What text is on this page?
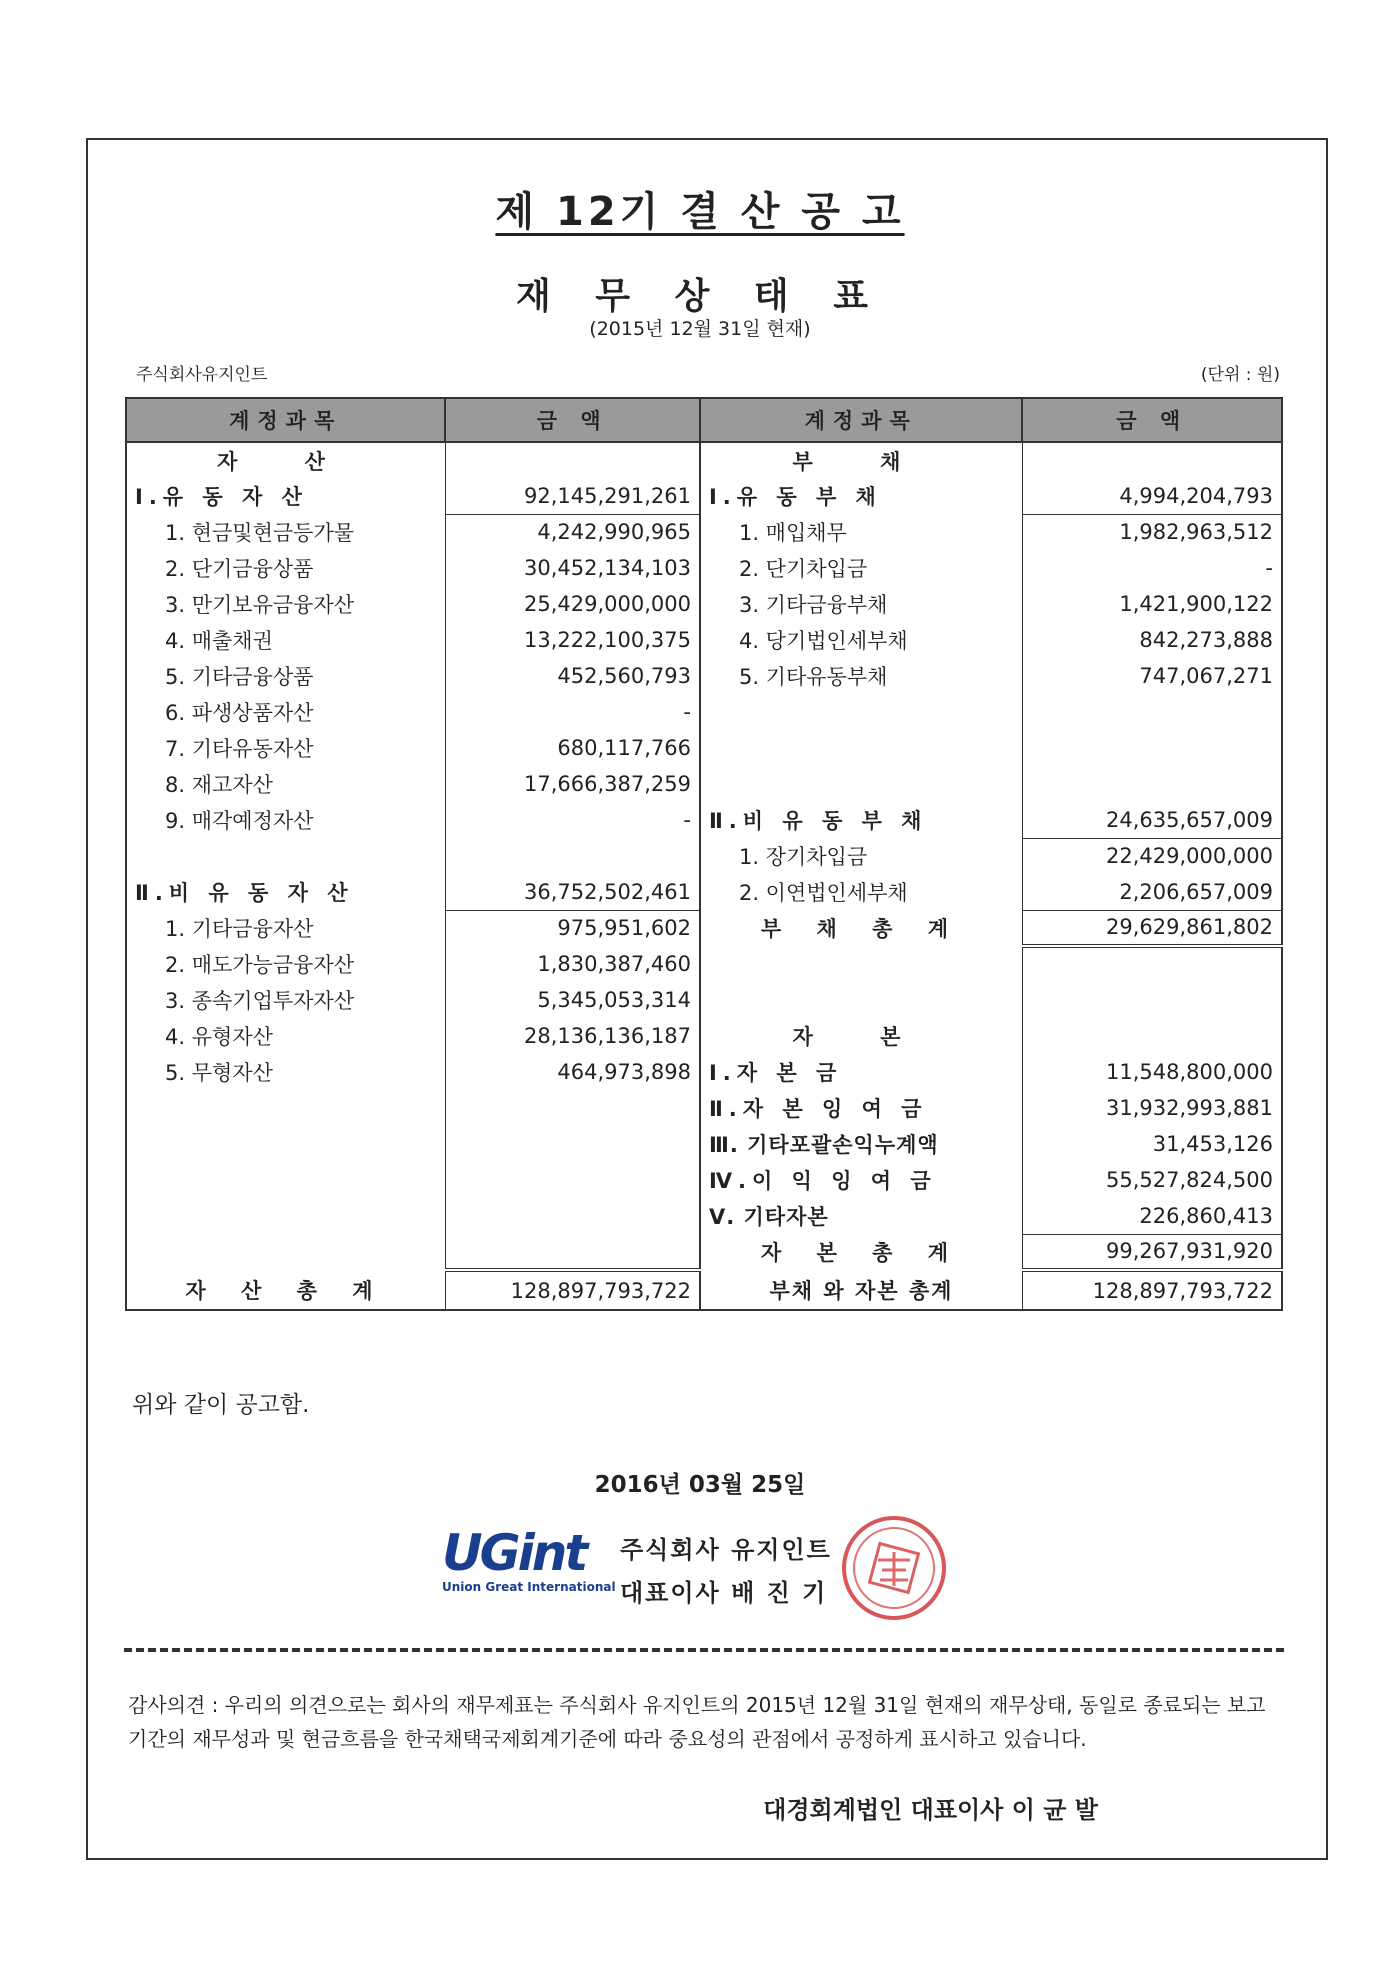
제 12기 결 산 공 고
재 무 상 태 표
(2015년 12월 31일 현재)
주식회사유지인트	(단위 : 원)
계정과목	금 액	계정과목	금 액
자 산		부 채	
Ⅰ.유 동 자 산	92,145,291,261	Ⅰ.유 동 부 채	4,994,204,793
1. 현금및현금등가물	4,242,990,965	1. 매입채무	1,982,963,512
2. 단기금융상품	30,452,134,103	2. 단기차입금	-
3. 만기보유금융자산	25,429,000,000	3. 기타금융부채	1,421,900,122
4. 매출채권	13,222,100,375	4. 당기법인세부채	842,273,888
5. 기타금융상품	452,560,793	5. 기타유동부채	747,067,271
6. 파생상품자산	-		
7. 기타유동자산	680,117,766		
8. 재고자산	17,666,387,259		
9. 매각예정자산	-	Ⅱ.비 유 동 부 채	24,635,657,009
		1. 장기차입금	22,429,000,000
Ⅱ.비 유 동 자 산	36,752,502,461	2. 이연법인세부채	2,206,657,009
1. 기타금융자산	975,951,602	부 채 총 계	29,629,861,802
2. 매도가능금융자산	1,830,387,460		
3. 종속기업투자자산	5,345,053,314		
4. 유형자산	28,136,136,187	자 본	
5. 무형자산	464,973,898	Ⅰ.자 본 금	11,548,800,000
		Ⅱ.자 본 잉 여 금	31,932,993,881
		Ⅲ. 기타포괄손익누계액	31,453,126
		Ⅳ.이 익 잉 여 금	55,527,824,500
		Ⅴ. 기타자본	226,860,413
		자 본 총 계	99,267,931,920
자 산 총 계	128,897,793,722	부채 와 자본 총계	128,897,793,722
위와 같이 공고함.
2016년 03월 25일
UGint
Union Great International
주식회사 유지인트
대표이사 배 진 기
감사의견 : 우리의 의견으로는 회사의 재무제표는 주식회사 유지인트의 2015년 12월 31일 현재의 재무상태, 동일로 종료되는 보고기간의 재무성과 및 현금흐름을 한국채택국제회계기준에 따라 중요성의 관점에서 공정하게 표시하고 있습니다.
대경회계법인 대표이사 이 균 발
